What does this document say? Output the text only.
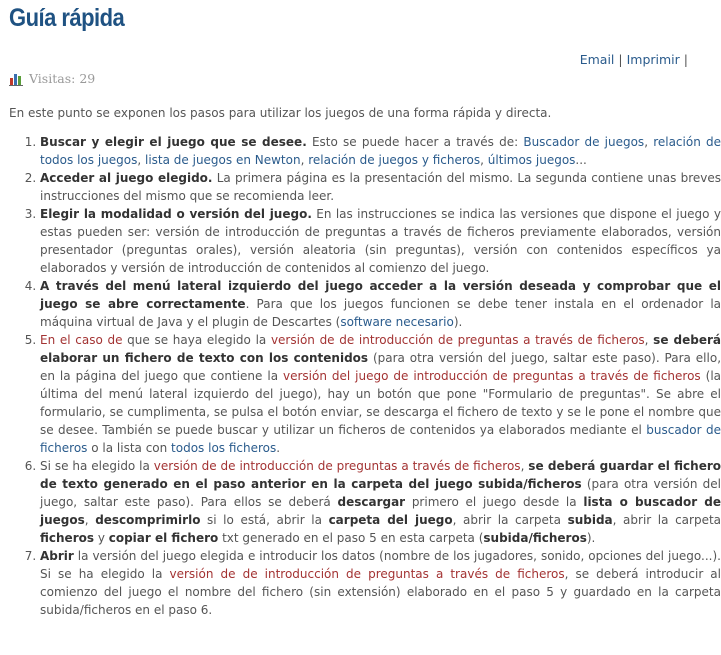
Guía rápida
Email | Imprimir |
Visitas:
29

En este punto se exponen los pasos para utilizar los juegos de una forma rápida y directa.

1. Buscar y elegir el juego que se desee. Esto se puede hacer a través de: Buscador de juegos, relación de todos los juegos, lista de juegos en Newton, relación de juegos y ficheros, últimos juegos...
2. Acceder al juego elegido. La primera página es la presentación del mismo. La segunda contiene unas breves instrucciones del mismo que se recomienda leer.
3. Elegir la modalidad o versión del juego. En las instrucciones se indica las versiones que dispone el juego y estas pueden ser: versión de introducción de preguntas a través de ficheros previamente elaborados, versión presentador (preguntas orales), versión aleatoria (sin preguntas), versión con contenidos específicos ya elaborados y versión de introducción de contenidos al comienzo del juego.
4. A través del menú lateral izquierdo del juego acceder a la versión deseada y comprobar que el juego se abre correctamente. Para que los juegos funcionen se debe tener instala en el ordenador la máquina virtual de Java y el plugin de Descartes (software necesario).
5. En el caso de que se haya elegido la versión de de introducción de preguntas a través de ficheros, se deberá elaborar un fichero de texto con los contenidos (para otra versión del juego, saltar este paso). Para ello, en la página del juego que contiene la versión del juego de introducción de preguntas a través de ficheros (la última del menú lateral izquierdo del juego), hay un botón que pone "Formulario de preguntas". Se abre el formulario, se cumplimenta, se pulsa el botón enviar, se descarga el fichero de texto y se le pone el nombre que se desee. También se puede buscar y utilizar un ficheros de contenidos ya elaborados mediante el buscador de ficheros o la lista con todos los ficheros.
6. Si se ha elegido la versión de de introducción de preguntas a través de ficheros, se deberá guardar el fichero de texto generado en el paso anterior en la carpeta del juego subida/ficheros (para otra versión del juego, saltar este paso). Para ellos se deberá descargar primero el juego desde la lista o buscador de juegos, descomprimirlo si lo está, abrir la carpeta del juego, abrir la carpeta subida, abrir la carpeta ficheros y copiar el fichero txt generado en el paso 5 en esta carpeta (subida/ficheros).
7. Abrir la versión del juego elegida e introducir los datos (nombre de los jugadores, sonido, opciones del juego...). Si se ha elegido la versión de de introducción de preguntas a través de ficheros, se deberá introducir al comienzo del juego el nombre del fichero (sin extensión) elaborado en el paso 5 y guardado en la carpeta subida/ficheros en el paso 6.
